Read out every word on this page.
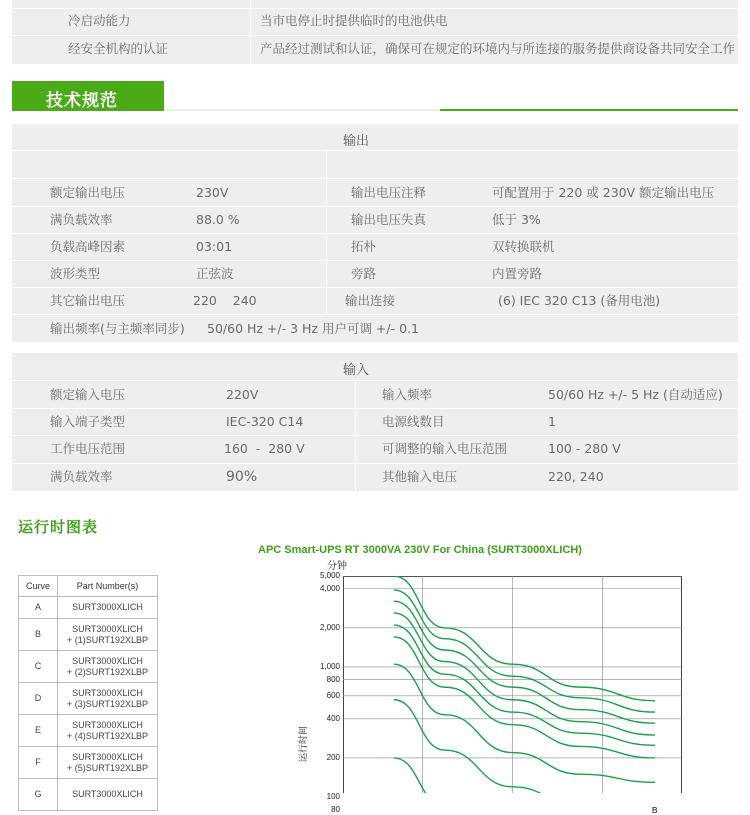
冷启动能力	当市电停止时提供临时的电池供电
经安全机构的认证	产品经过测试和认证，确保可在规定的环境内与所连接的服务提供商设备共同安全工作
技术规范
输出
额定输出电压	230V	输出电压注释	可配置用于 220 或 230V 额定输出电压
满负载效率	88.0 %	输出电压失真	低于 3%
负载高峰因素	03:01	拓朴	双转换联机
波形类型	正弦波	旁路	内置旁路
其它输出电压	220    240	输出连接	(6) IEC 320 C13 (备用电池)
输出频率(与主频率同步) 50/60 Hz +/- 3 Hz 用户可调 +/- 0.1
输入
额定输入电压	220V	输入频率	50/60 Hz +/- 5 Hz (自动适应)
输入端子类型	IEC-320 C14	电源线数目	1
工作电压范围	160  -  280 V	可调整的输入电压范围	100 - 280 V
满负载效率	90%	其他输入电压	220, 240
运行时图表
APC Smart-UPS RT 3000VA 230V For China (SURT3000XLICH)
Curve	Part Number(s)
A	SURT3000XLICH
B	SURT3000XLICH
+ (1)SURT192XLBP
C	SURT3000XLICH
+ (2)SURT192XLBP
D	SURT3000XLICH
+ (3)SURT192XLBP
E	SURT3000XLICH
+ (4)SURT192XLBP
F	SURT3000XLICH
+ (5)SURT192XLBP
G	SURT3000XLICH
分钟
运行时间
5,000
4,000
2,000
1,000
800
600
400
200
100
80	B
